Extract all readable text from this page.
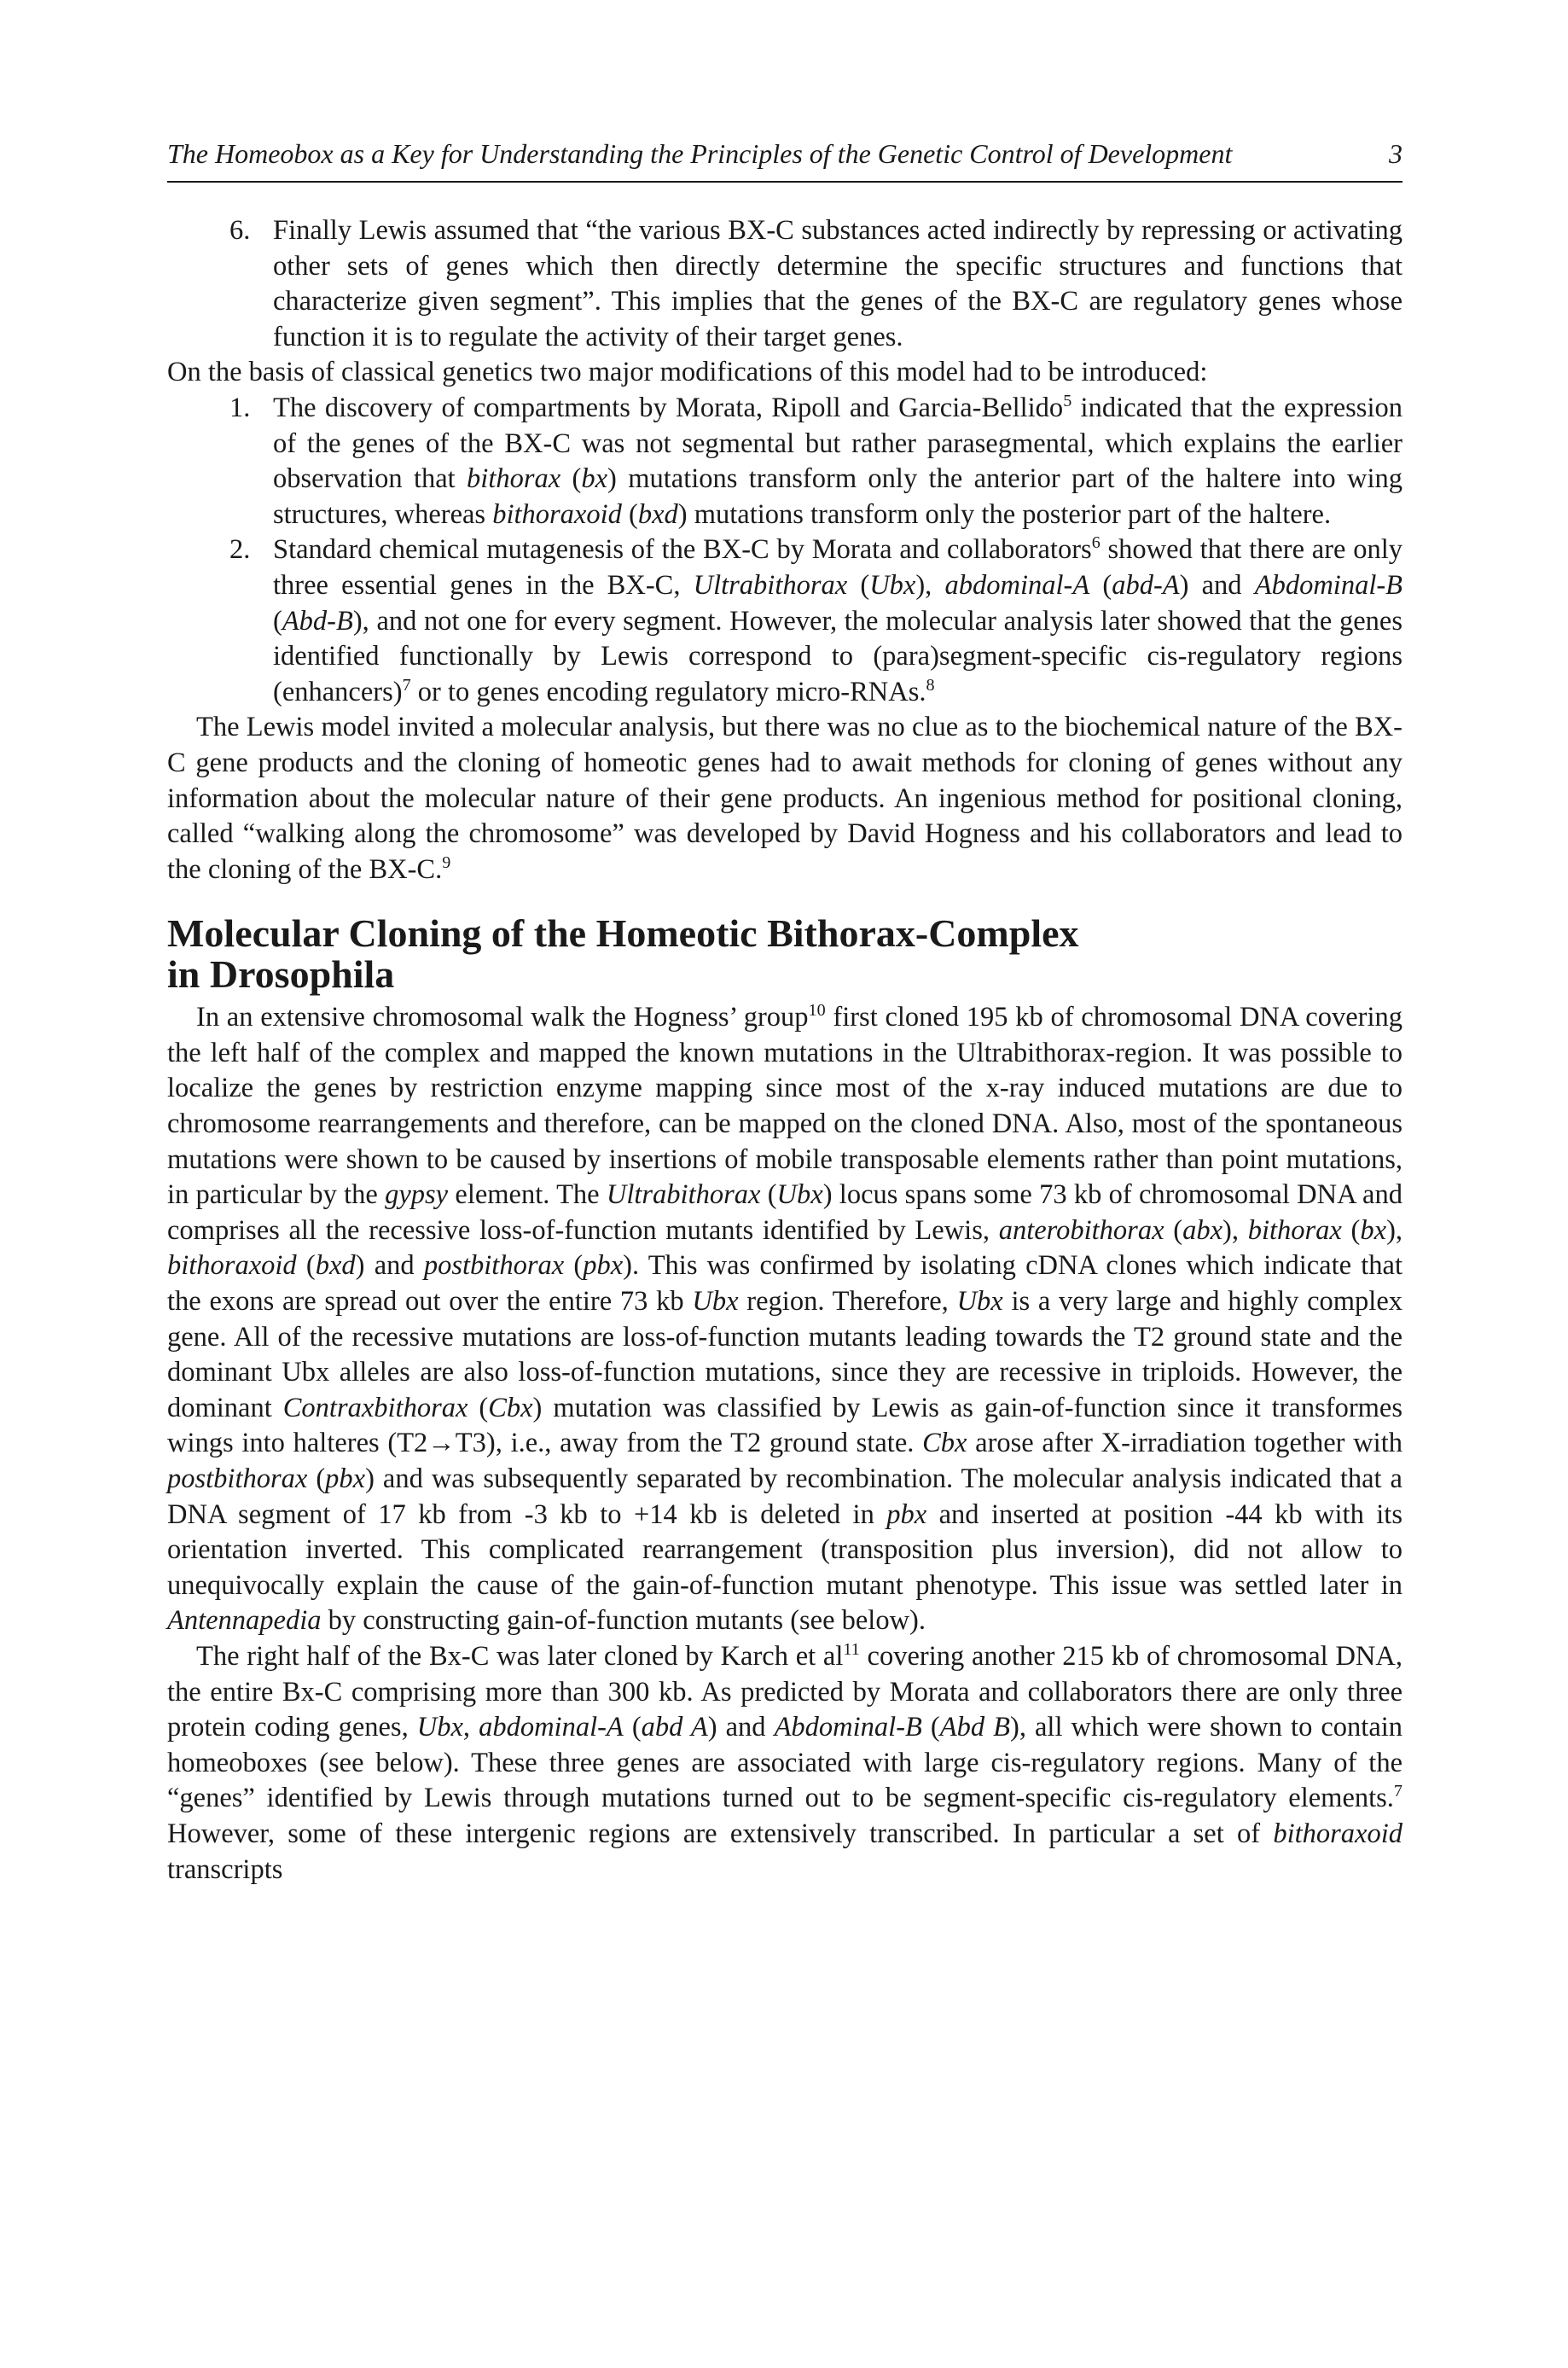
The Homeobox as a Key for Understanding the Principles of the Genetic Control of Development	3
6. Finally Lewis assumed that “the various BX-C substances acted indirectly by repressing or activating other sets of genes which then directly determine the specific structures and functions that characterize given segment”. This implies that the genes of the BX-C are regulatory genes whose function it is to regulate the activity of their target genes.

On the basis of classical genetics two major modifications of this model had to be introduced:

1. The discovery of compartments by Morata, Ripoll and Garcia-Bellido$^5$ indicated that the expression of the genes of the BX-C was not segmental but rather parasegmental, which explains the earlier observation that bithorax (bx) mutations transform only the anterior part of the haltere into wing structures, whereas bithoraxoid (bxd) mutations transform only the posterior part of the haltere.
2. Standard chemical mutagenesis of the BX-C by Morata and collaborators$^6$ showed that there are only three essential genes in the BX-C, Ultrabithorax (Ubx), abdominal-A (abd-A) and Abdominal-B (Abd-B), and not one for every segment. However, the molecular analysis later showed that the genes identified functionally by Lewis correspond to (para)segment-specific cis-regulatory regions (enhancers)$^7$ or to genes encoding regulatory micro-RNAs.$^8$

The Lewis model invited a molecular analysis, but there was no clue as to the biochemical nature of the BX-C gene products and the cloning of homeotic genes had to await methods for cloning of genes without any information about the molecular nature of their gene products. An ingenious method for positional cloning, called “walking along the chromosome” was developed by David Hogness and his collaborators and lead to the cloning of the BX-C.$^9$

Molecular Cloning of the Homeotic Bithorax-Complex
in Drosophila

In an extensive chromosomal walk the Hogness’ group$^{10}$ first cloned 195 kb of chromosomal DNA covering the left half of the complex and mapped the known mutations in the Ultrabithorax-region. It was possible to localize the genes by restriction enzyme mapping since most of the x-ray induced mutations are due to chromosome rearrangements and therefore, can be mapped on the cloned DNA. Also, most of the spontaneous mutations were shown to be caused by insertions of mobile transposable elements rather than point mutations, in particular by the gypsy element. The Ultrabithorax (Ubx) locus spans some 73 kb of chromosomal DNA and comprises all the recessive loss-of-function mutants identified by Lewis, anterobithorax (abx), bithorax (bx), bithoraxoid (bxd) and postbithorax (pbx). This was confirmed by isolating cDNA clones which indicate that the exons are spread out over the entire 73 kb Ubx region. Therefore, Ubx is a very large and highly complex gene. All of the recessive mutations are loss-of-function mutants leading towards the T2 ground state and the dominant Ubx alleles are also loss-of-function mutations, since they are recessive in triploids. However, the dominant Contraxbithorax (Cbx) mutation was classified by Lewis as gain-of-function since it transformes wings into halteres (T2→T3), i.e., away from the T2 ground state. Cbx arose after X-irradiation together with postbithorax (pbx) and was subsequently separated by recombination. The molecular analysis indicated that a DNA segment of 17 kb from -3 kb to +14 kb is deleted in pbx and inserted at position -44 kb with its orientation inverted. This complicated rearrangement (transposition plus inversion), did not allow to unequivocally explain the cause of the gain-of-function mutant phenotype. This issue was settled later in Antennapedia by constructing gain-of-function mutants (see below).

The right half of the Bx-C was later cloned by Karch et $al^{11}$ covering another 215 kb of chromosomal DNA, the entire Bx-C comprising more than 300 kb. As predicted by Morata and collaborators there are only three protein coding genes, Ubx, abdominal-A (abd A) and Abdominal-B (Abd B), all which were shown to contain homeoboxes (see below). These three genes are associated with large cis-regulatory regions. Many of the “genes” identified by Lewis through mutations turned out to be segment-specific cis-regulatory elements.$^7$ However, some of these intergenic regions are extensively transcribed. In particular a set of bithoraxoid transcripts
